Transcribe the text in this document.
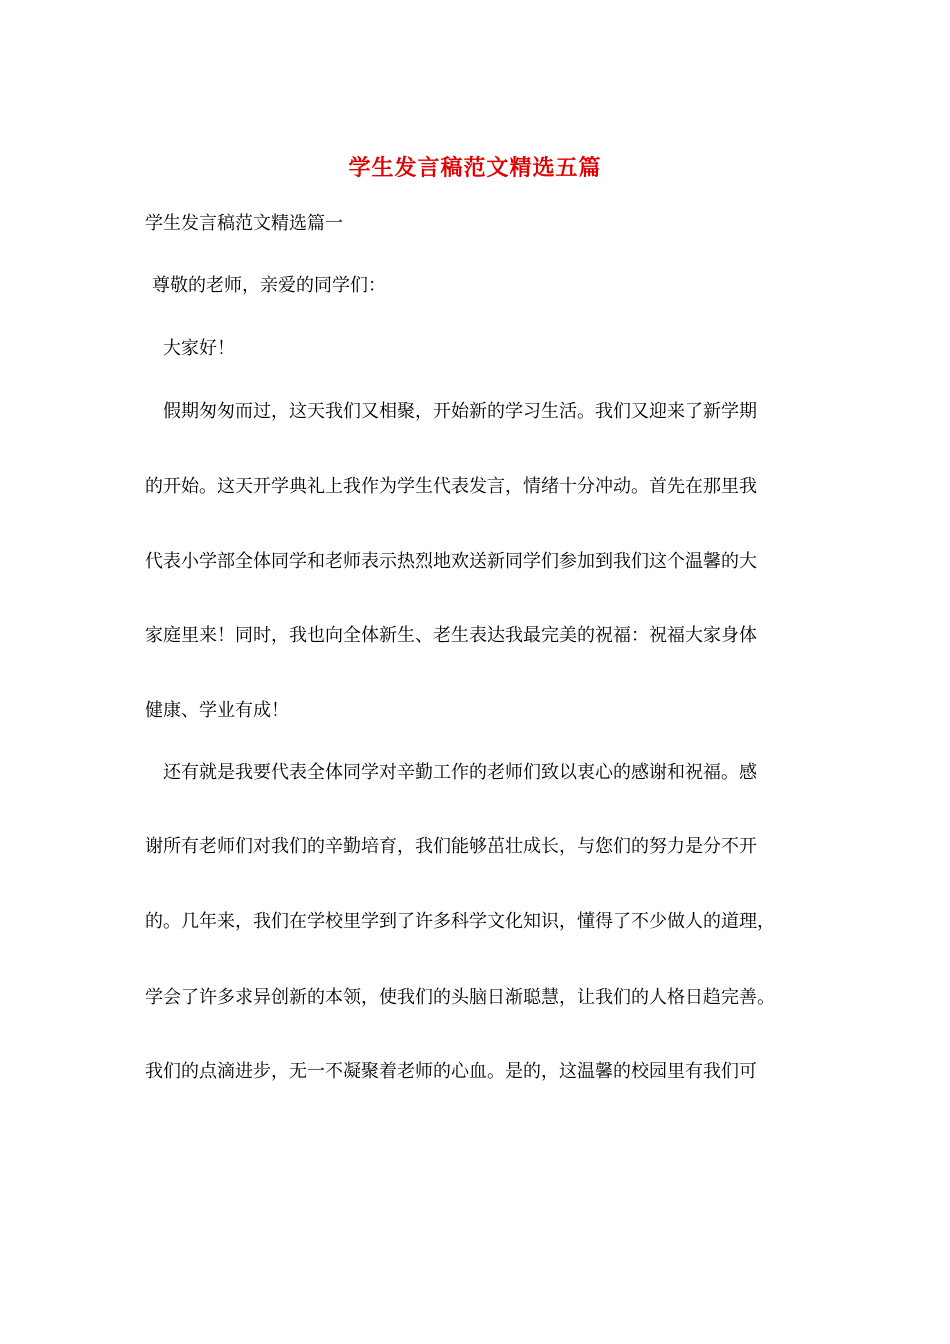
学生发言稿范文精选五篇
学生发言稿范文精选篇一
尊敬的老师，亲爱的同学们：
大家好！
假期匆匆而过，这天我们又相聚，开始新的学习生活。我们又迎来了新学期
的开始。这天开学典礼上我作为学生代表发言，情绪十分冲动。首先在那里我
代表小学部全体同学和老师表示热烈地欢送新同学们参加到我们这个温馨的大
家庭里来！同时，我也向全体新生、老生表达我最完美的祝福：祝福大家身体
健康、学业有成！
还有就是我要代表全体同学对辛勤工作的老师们致以衷心的感谢和祝福。感
谢所有老师们对我们的辛勤培育，我们能够茁壮成长，与您们的努力是分不开
的。几年来，我们在学校里学到了许多科学文化知识，懂得了不少做人的道理，
学会了许多求异创新的本领，使我们的头脑日渐聪慧，让我们的人格日趋完善。
我们的点滴进步，无一不凝聚着老师的心血。是的，这温馨的校园里有我们可
